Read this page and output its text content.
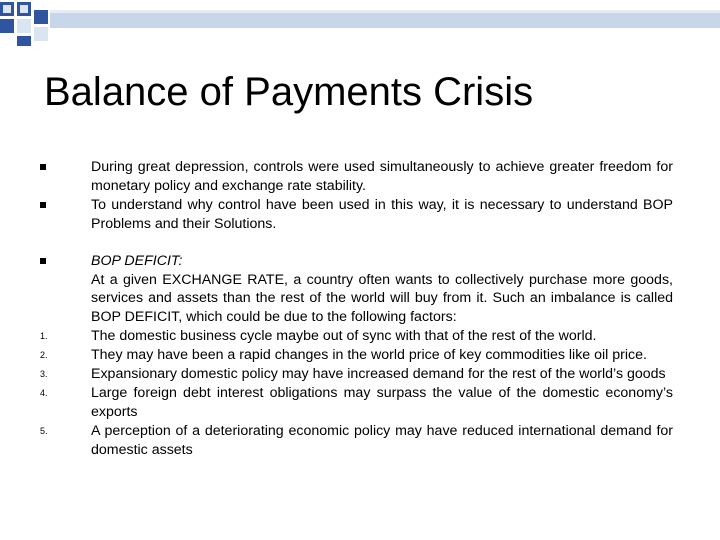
Balance of Payments Crisis
During great depression, controls were used simultaneously to achieve greater freedom for monetary policy and exchange rate stability.
To understand why control have been used in this way, it is necessary to understand BOP Problems and their Solutions.
BOP DEFICIT:
At a given EXCHANGE RATE, a country often wants to collectively purchase more goods, services and assets than the rest of the world will buy from it. Such an imbalance is called BOP DEFICIT, which could be due to the following factors:
1.	The domestic business cycle maybe out of sync with that of the rest of the world.
2.	They may have been a rapid changes in the world price of key commodities like oil price.
3.	Expansionary domestic policy may have increased demand for the rest of the world’s goods
4.	Large foreign debt interest obligations may surpass the value of the domestic economy’s exports
5.	A perception of a deteriorating economic policy may have reduced international demand for domestic assets
